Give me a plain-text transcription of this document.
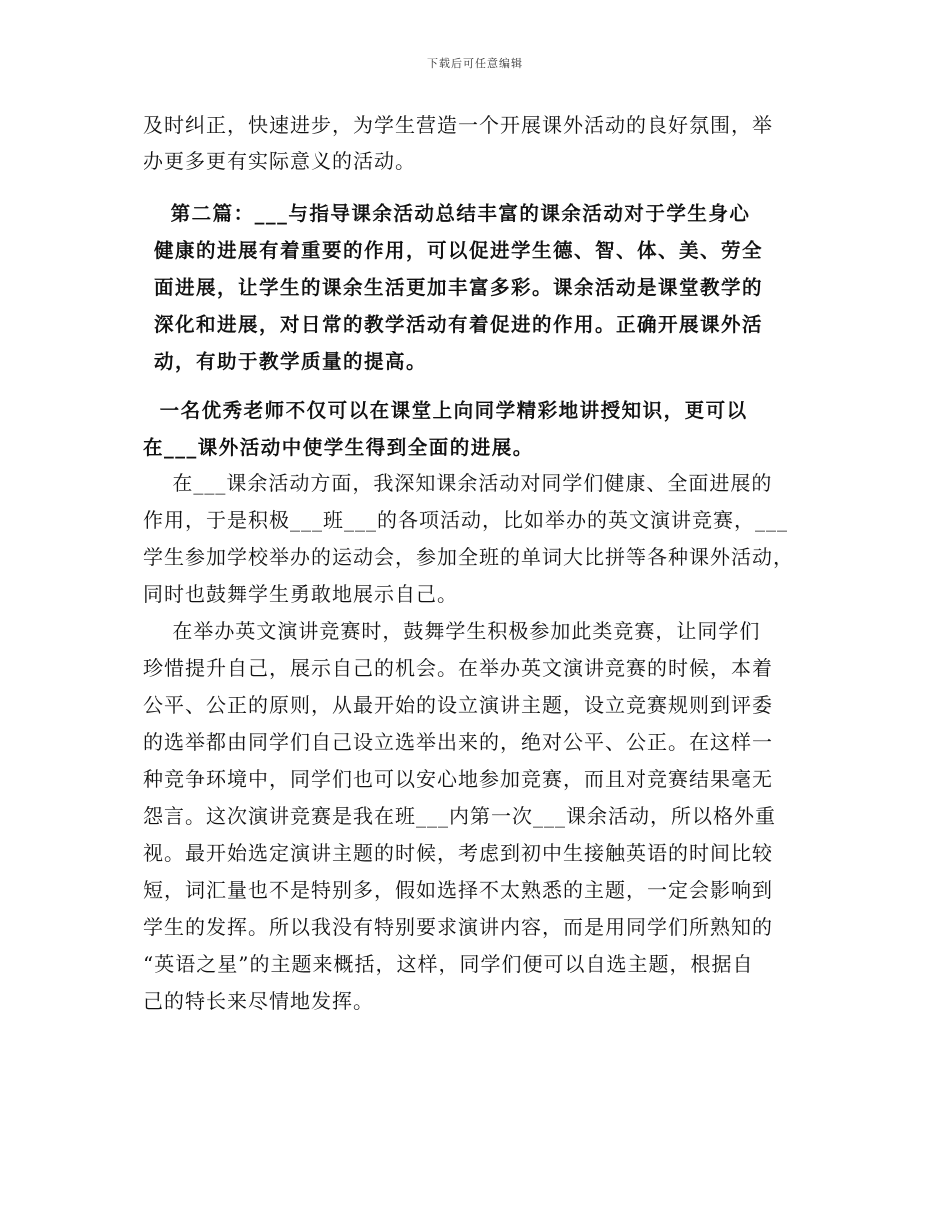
下载后可任意编辑
及时纠正，快速进步，为学生营造一个开展课外活动的良好氛围，举
办更多更有实际意义的活动。
第二篇：___与指导课余活动总结丰富的课余活动对于学生身心
健康的进展有着重要的作用，可以促进学生德、智、体、美、劳全
面进展，让学生的课余生活更加丰富多彩。课余活动是课堂教学的
深化和进展，对日常的教学活动有着促进的作用。正确开展课外活
动，有助于教学质量的提高。
一名优秀老师不仅可以在课堂上向同学精彩地讲授知识，更可以
在___课外活动中使学生得到全面的进展。
在___课余活动方面，我深知课余活动对同学们健康、全面进展的
作用，于是积极___班___的各项活动，比如举办的英文演讲竞赛，___
学生参加学校举办的运动会，参加全班的单词大比拼等各种课外活动，
同时也鼓舞学生勇敢地展示自己。
在举办英文演讲竞赛时，鼓舞学生积极参加此类竞赛，让同学们
珍惜提升自己，展示自己的机会。在举办英文演讲竞赛的时候，本着
公平、公正的原则，从最开始的设立演讲主题，设立竞赛规则到评委
的选举都由同学们自己设立选举出来的，绝对公平、公正。在这样一
种竞争环境中，同学们也可以安心地参加竞赛，而且对竞赛结果毫无
怨言。这次演讲竞赛是我在班___内第一次___课余活动，所以格外重
视。最开始选定演讲主题的时候，考虑到初中生接触英语的时间比较
短，词汇量也不是特别多，假如选择不太熟悉的主题，一定会影响到
学生的发挥。所以我没有特别要求演讲内容，而是用同学们所熟知的
“英语之星”的主题来概括，这样，同学们便可以自选主题，根据自
己的特长来尽情地发挥。
